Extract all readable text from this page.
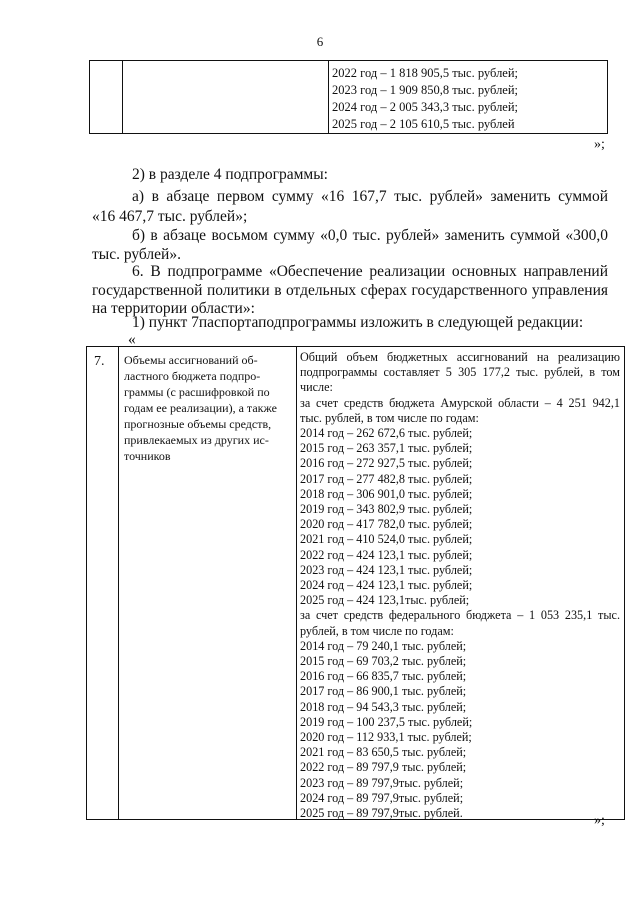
6
2022 год – 1 818 905,5 тыс. рублей;
2023 год – 1 909 850,8 тыс. рублей;
2024 год – 2 005 343,3 тыс. рублей;
2025 год – 2 105 610,5 тыс. рублей
»;
2) в разделе 4 подпрограммы:
а) в абзаце первом сумму «16 167,7 тыс. рублей» заменить суммой
«16 467,7 тыс. рублей»;
б) в абзаце восьмом сумму «0,0 тыс. рублей» заменить суммой «300,0
тыс. рублей».
6. В подпрограмме «Обеспечение реализации основных направлений
государственной политики в отдельных сферах государственного управления
на территории области»:
1) пункт 7паспортаподпрограммы изложить в следующей редакции:
«
7. Объемы ассигнований об-
ластного бюджета подпро-
граммы (с расшифровкой по
годам ее реализации), а также
прогнозные объемы средств,
привлекаемых из других ис-
точников
Общий объем бюджетных ассигнований на реализацию
подпрограммы составляет 5 305 177,2 тыс. рублей, в том
числе:
за счет средств бюджета Амурской области – 4 251 942,1
тыс. рублей, в том числе по годам:
2014 год – 262 672,6 тыс. рублей;
2015 год – 263 357,1 тыс. рублей;
2016 год – 272 927,5 тыс. рублей;
2017 год – 277 482,8 тыс. рублей;
2018 год – 306 901,0 тыс. рублей;
2019 год – 343 802,9 тыс. рублей;
2020 год – 417 782,0 тыс. рублей;
2021 год – 410 524,0 тыс. рублей;
2022 год – 424 123,1 тыс. рублей;
2023 год – 424 123,1 тыс. рублей;
2024 год – 424 123,1 тыс. рублей;
2025 год – 424 123,1тыс. рублей;
за счет средств федерального бюджета – 1 053 235,1 тыс.
рублей, в том числе по годам:
2014 год – 79 240,1 тыс. рублей;
2015 год – 69 703,2 тыс. рублей;
2016 год – 66 835,7 тыс. рублей;
2017 год – 86 900,1 тыс. рублей;
2018 год – 94 543,3 тыс. рублей;
2019 год – 100 237,5 тыс. рублей;
2020 год – 112 933,1 тыс. рублей;
2021 год – 83 650,5 тыс. рублей;
2022 год – 89 797,9 тыс. рублей;
2023 год – 89 797,9тыс. рублей;
2024 год – 89 797,9тыс. рублей;
2025 год – 89 797,9тыс. рублей.	»;
